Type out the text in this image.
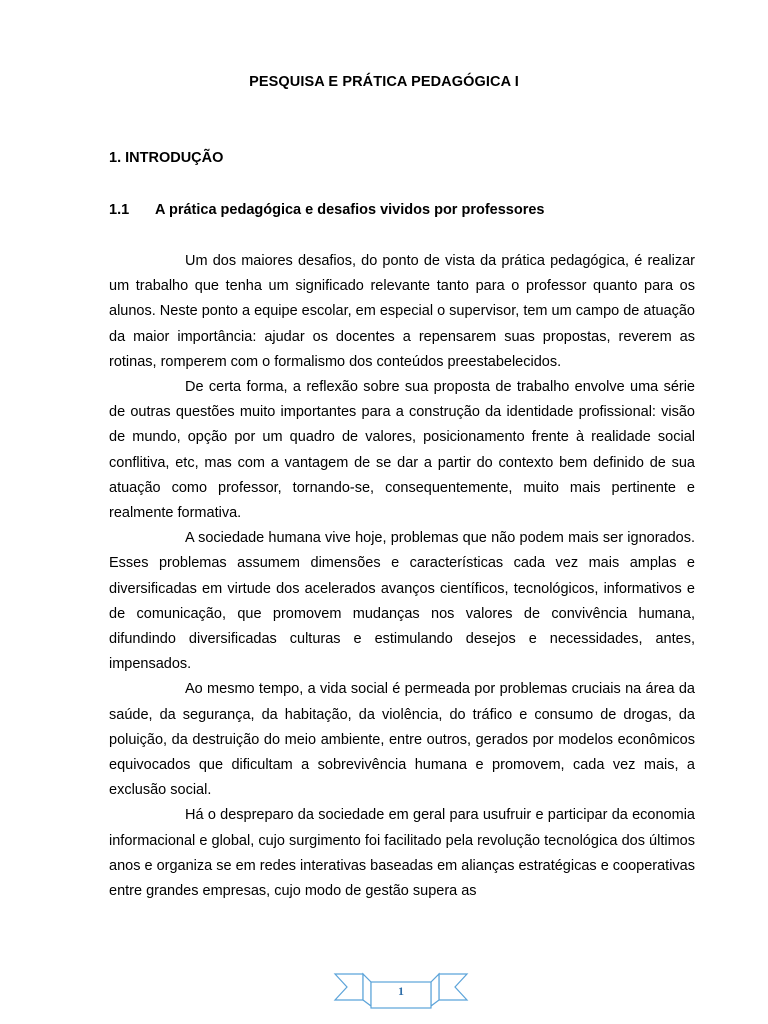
PESQUISA E PRÁTICA PEDAGÓGICA I
1. INTRODUÇÃO
1.1 A prática pedagógica e desafios vividos por professores

Um dos maiores desafios, do ponto de vista da prática pedagógica, é realizar um trabalho que tenha um significado relevante tanto para o professor quanto para os alunos. Neste ponto a equipe escolar, em especial o supervisor, tem um campo de atuação da maior importância: ajudar os docentes a repensarem suas propostas, reverem as rotinas, romperem com o formalismo dos conteúdos preestabelecidos.

De certa forma, a reflexão sobre sua proposta de trabalho envolve uma série de outras questões muito importantes para a construção da identidade profissional: visão de mundo, opção por um quadro de valores, posicionamento frente à realidade social conflitiva, etc, mas com a vantagem de se dar a partir do contexto bem definido de sua atuação como professor, tornando-se, consequentemente, muito mais pertinente e realmente formativa.

A sociedade humana vive hoje, problemas que não podem mais ser ignorados. Esses problemas assumem dimensões e características cada vez mais amplas e diversificadas em virtude dos acelerados avanços científicos, tecnológicos, informativos e de comunicação, que promovem mudanças nos valores de convivência humana, difundindo diversificadas culturas e estimulando desejos e necessidades, antes, impensados.

Ao mesmo tempo, a vida social é permeada por problemas cruciais na área da saúde, da segurança, da habitação, da violência, do tráfico e consumo de drogas, da poluição, da destruição do meio ambiente, entre outros, gerados por modelos econômicos equivocados que dificultam a sobrevivência humana e promovem, cada vez mais, a exclusão social.

Há o despreparo da sociedade em geral para usufruir e participar da economia informacional e global, cujo surgimento foi facilitado pela revolução tecnológica dos últimos anos e organiza se em redes interativas baseadas em alianças estratégicas e cooperativas entre grandes empresas, cujo modo de gestão supera as

1
